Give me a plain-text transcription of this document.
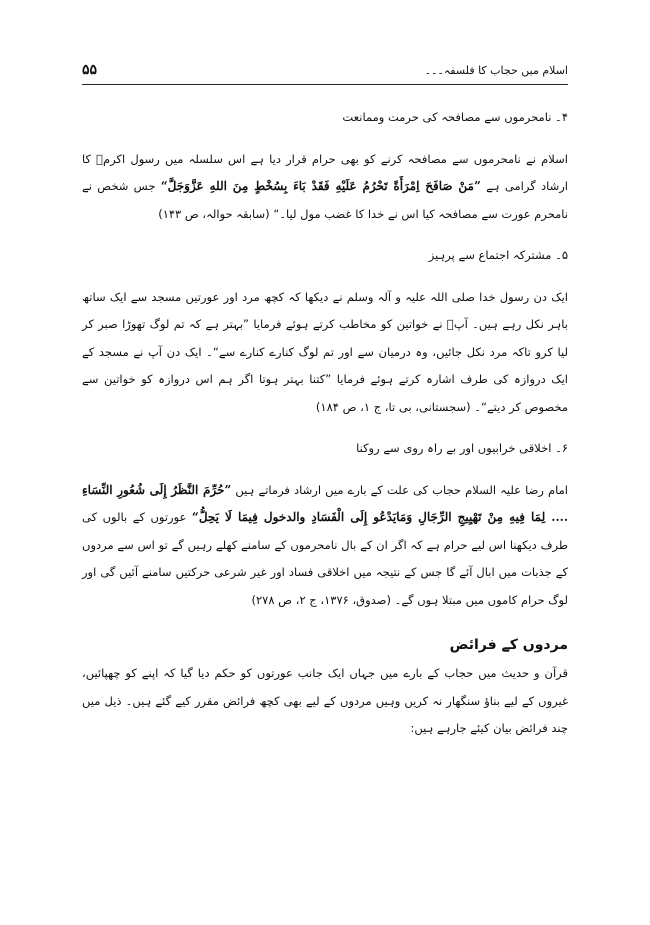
۵۵	اسلام میں حجاب کا فلسفہ۔۔۔

۴۔ نامحرموں سے مصافحہ کی حرمت وممانعت

اسلام نے نامحرموں سے مصافحہ کرنے کو بھی حرام قرار دیا ہے اس سلسلہ میں رسول اکرمؐ کا ارشاد گرامی ہے ”مَنْ صَافَحَ اِمْرَأَةً تَحْرُمُ عَلَيْهِ فَقَدْ بَاءَ بِسُخْطٍ مِنَ اللهِ عَزَّوَجَلَّ“ جس شخص نے نامحرم عورت سے مصافحہ کیا اس نے خدا کا غضب مول لیا۔“ (سابقہ حوالہ، ص ۱۴۳)

۵۔ مشترکہ اجتماع سے پرہیز

ایک دن رسول خدا صلی اللہ علیہ و آلہ وسلم نے دیکھا کہ کچھ مرد اور عورتیں مسجد سے ایک ساتھ باہر نکل رہے ہیں۔ آپؐ نے خواتین کو مخاطب کرتے ہوئے فرمایا ”بہتر ہے کہ تم لوگ تھوڑا صبر کر لیا کرو تاکہ مرد نکل جائیں، وہ درمیان سے اور تم لوگ کنارے کنارے سے“۔ ایک دن آپ نے مسجد کے ایک دروازہ کی طرف اشارہ کرتے ہوئے فرمایا ”کتنا بہتر ہوتا اگر ہم اس دروازہ کو خواتین سے مخصوص کر دیتے“۔ (سجستانی، بی تا، ج ۱، ص ۱۸۴)

۶۔ اخلاقی خرابیوں اور بے راہ روی سے روکنا

امام رضا علیہ السلام حجاب کی علت کے بارے میں ارشاد فرماتے ہیں ”حُرِّمَ النَّظَرُ إِلَى شُعُورِ النِّسَاءِ .... لِمَا فِيهِ مِنْ تَهْيِيجِ الرِّجَالِ وَمَايَدْعُو إِلَى الْفَسَادِ والدخول فِيمَا لَا يَحِلُّ“ عورتوں کے بالوں کی طرف دیکھنا اس لیے حرام ہے کہ اگر ان کے بال نامحرموں کے سامنے کھلے رہیں گے تو اس سے مردوں کے جذبات میں ابال آئے گا جس کے نتیجہ میں اخلاقی فساد اور غیر شرعی حرکتیں سامنے آئیں گی اور لوگ حرام کاموں میں مبتلا ہوں گے۔ (صدوق، ۱۳۷۶، ج ۲، ص ۲۷۸)

مردوں کے فرائض

قرآن و حدیث میں حجاب کے بارے میں جہاں ایک جانب عورتوں کو حکم دیا گیا کہ اپنے کو چھپائیں، غیروں کے لیے بناؤ سنگھار نہ کریں وہیں مردوں کے لیے بھی کچھ فرائض مقرر کیے گئے ہیں۔ ذیل میں چند فرائض بیان کیئے جارہے ہیں:
